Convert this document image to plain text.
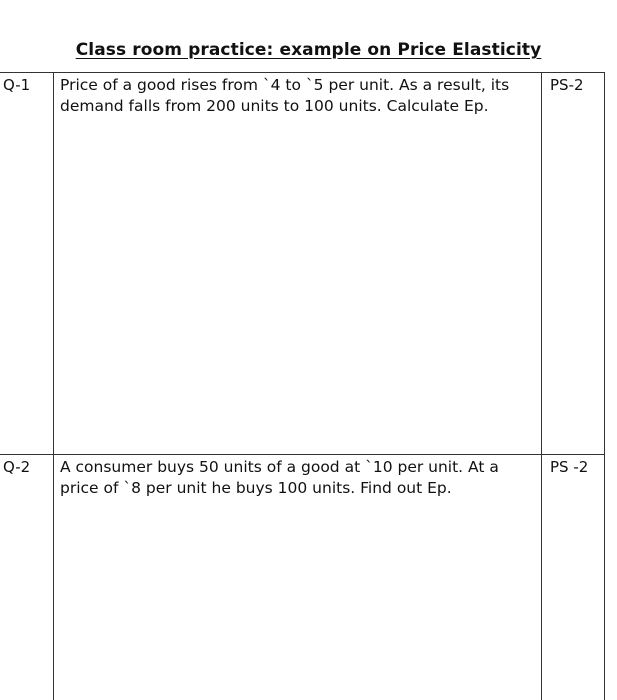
Class room practice: example on Price Elasticity
Q-1 Price of a good rises from `4 to `5 per unit. As a result, its demand falls from 200 units to 100 units. Calculate Ep.
PS-2
Q-2 A consumer buys 50 units of a good at `10 per unit. At a price of `8 per unit he buys 100 units. Find out Ep.
PS -2
